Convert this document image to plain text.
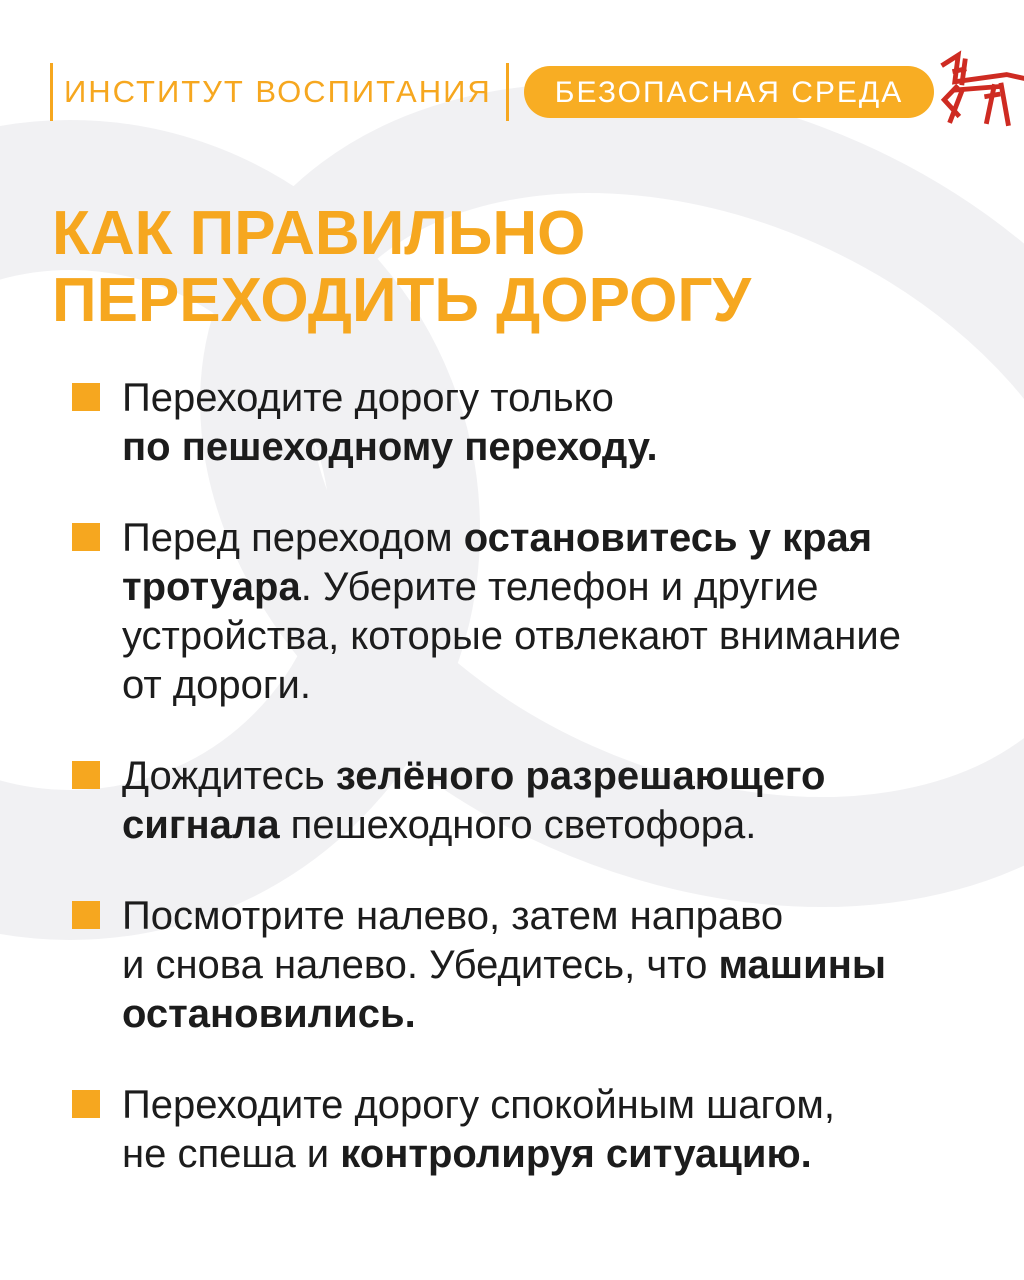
ИНСТИТУТ ВОСПИТАНИЯ	БЕЗОПАСНАЯ СРЕДА
КАК ПРАВИЛЬНО
ПЕРЕХОДИТЬ ДОРОГУ
Переходите дорогу только
по пешеходному переходу.
Перед переходом остановитесь у края
тротуара. Уберите телефон и другие
устройства, которые отвлекают внимание
от дороги.
Дождитесь зелёного разрешающего
сигнала пешеходного светофора.
Посмотрите налево, затем направо
и снова налево. Убедитесь, что машины
остановились.
Переходите дорогу спокойным шагом,
не спеша и контролируя ситуацию.
